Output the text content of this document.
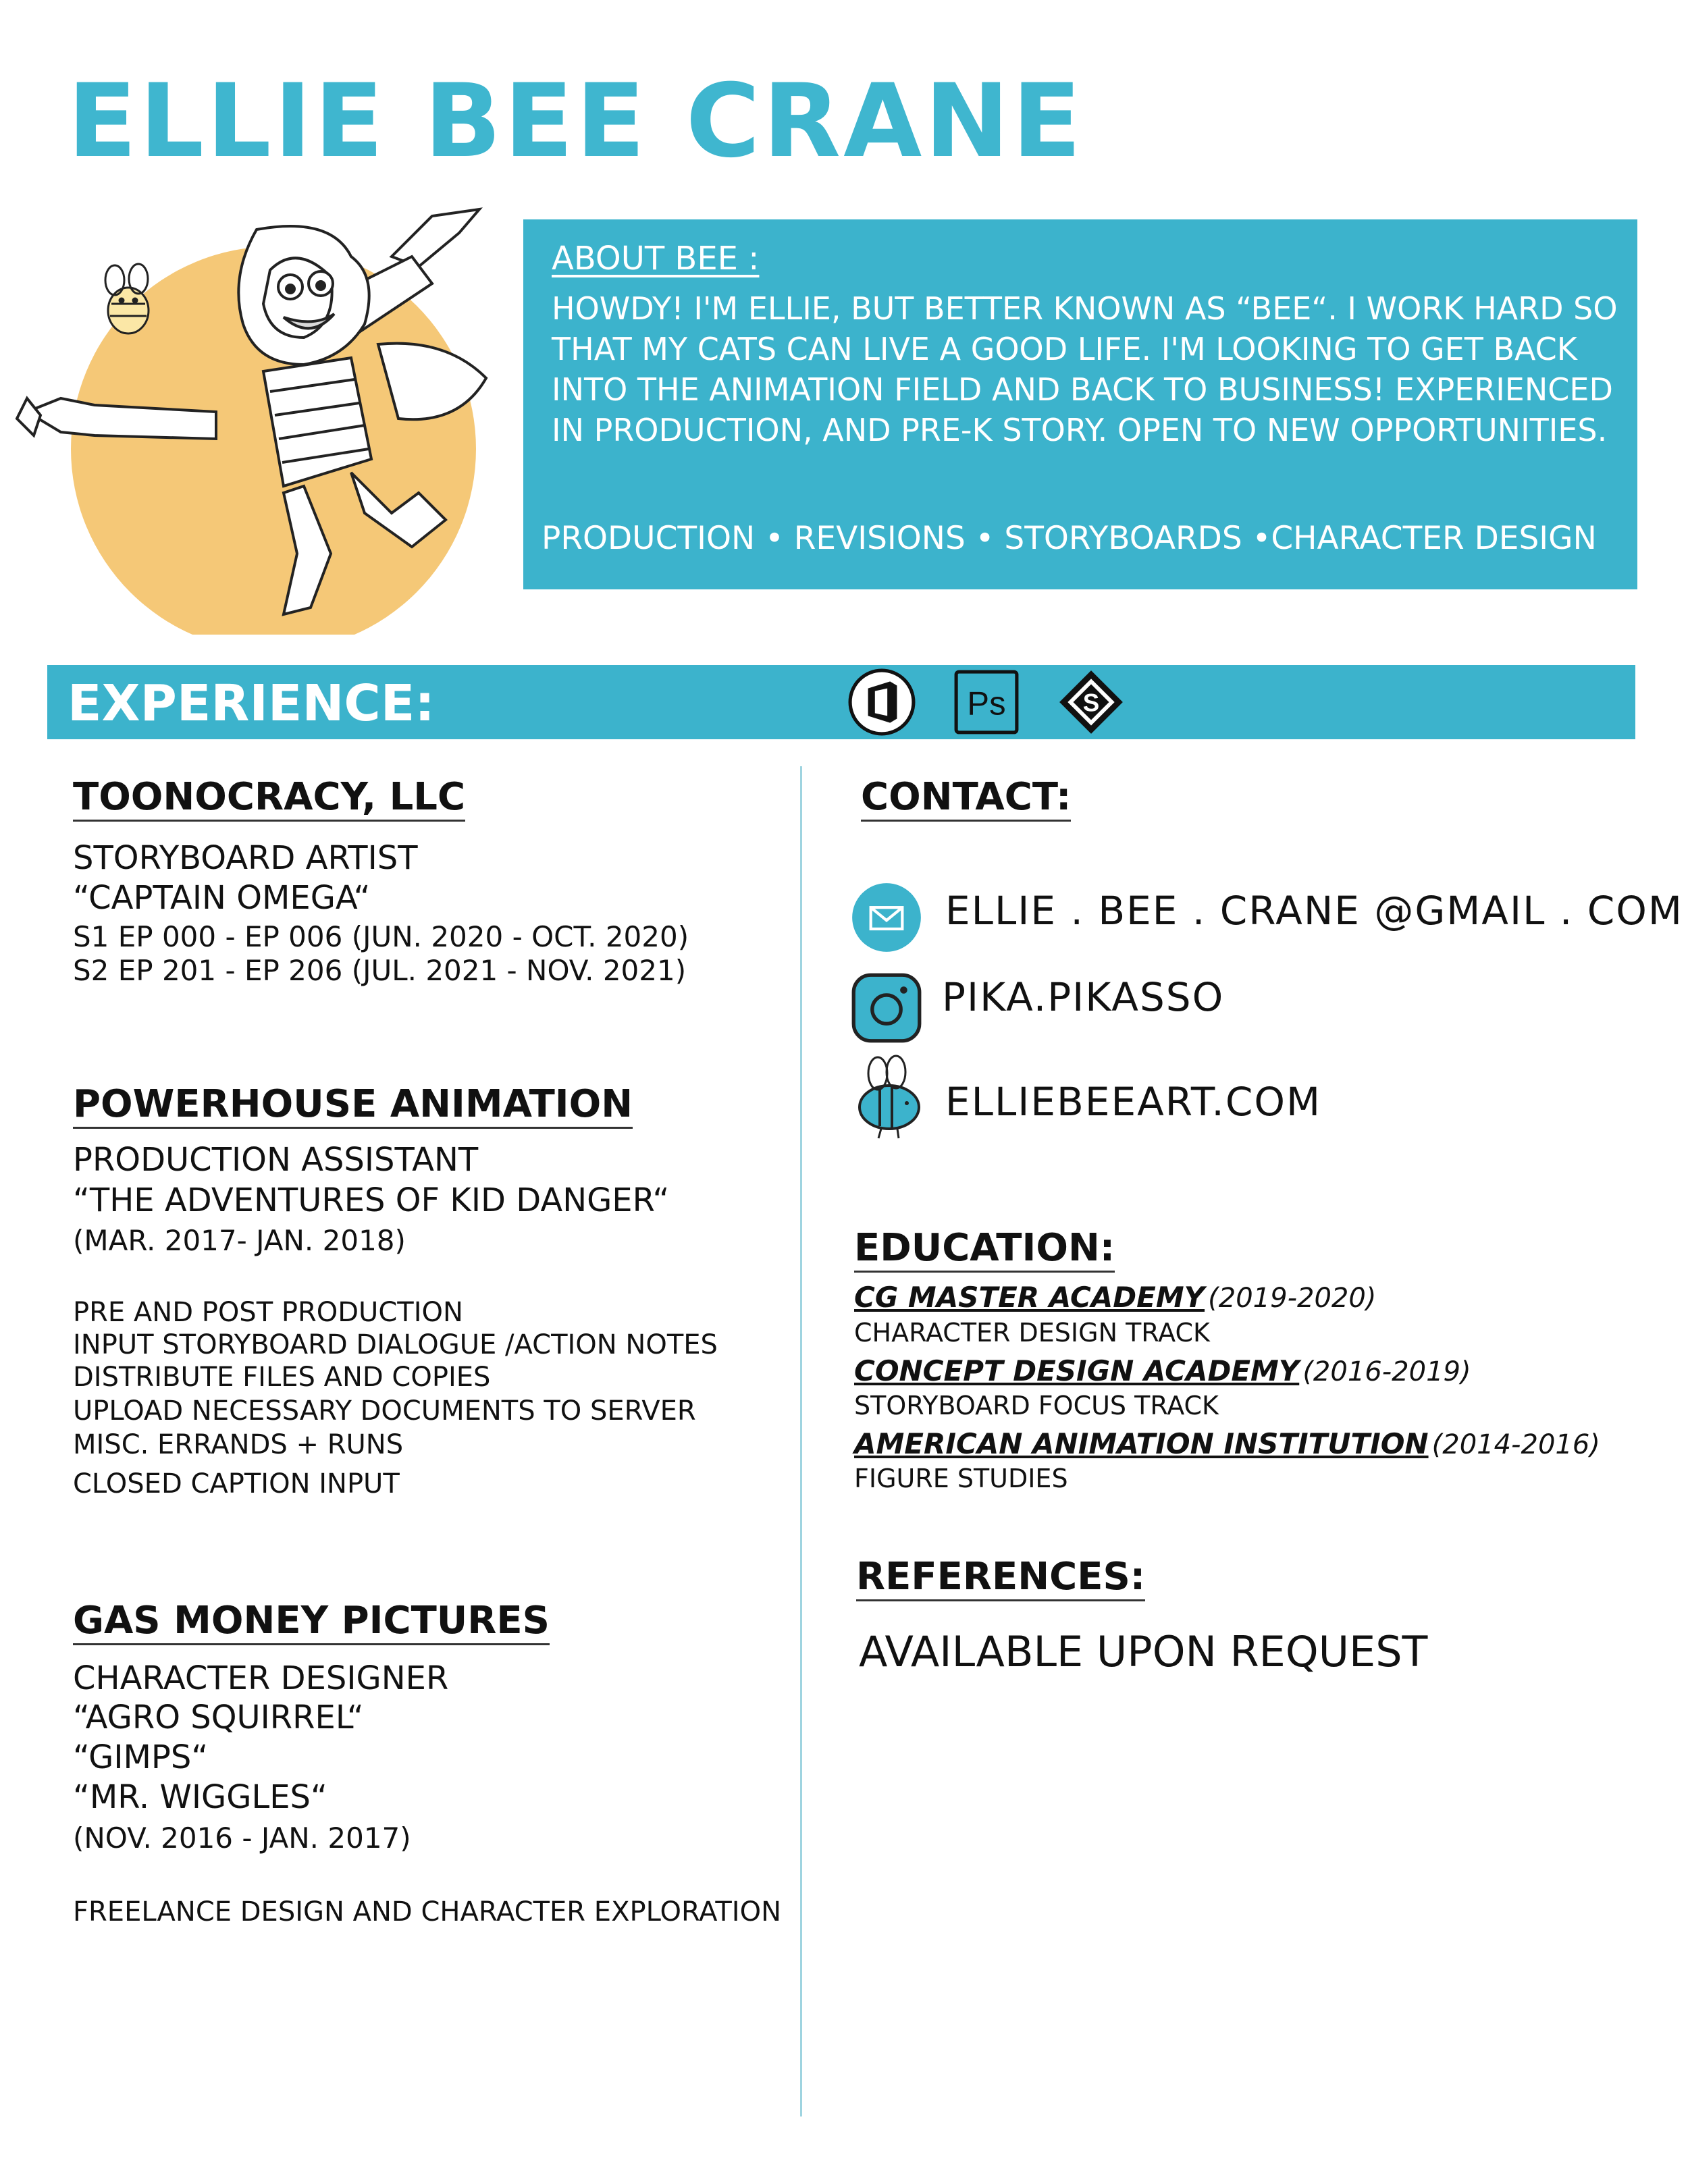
ELLIE BEE CRANE
ABOUT BEE :
HOWDY! I'M ELLIE, BUT BETTER KNOWN AS “BEE“. I WORK HARD SO THAT MY CATS CAN LIVE A GOOD LIFE. I'M LOOKING TO GET BACK INTO THE ANIMATION FIELD AND BACK TO BUSINESS! EXPERIENCED IN PRODUCTION, AND PRE-K STORY. OPEN TO NEW OPPORTUNITIES.
PRODUCTION • REVISIONS • STORYBOARDS •CHARACTER DESIGN
EXPERIENCE:	Ps	S
TOONOCRACY, LLC
STORYBOARD ARTIST
“CAPTAIN OMEGA“
S1 EP 000 - EP 006 (JUN. 2020 - OCT. 2020)
S2 EP 201 - EP 206 (JUL. 2021 - NOV. 2021)
POWERHOUSE ANIMATION
PRODUCTION ASSISTANT
“THE ADVENTURES OF KID DANGER“
(MAR. 2017- JAN. 2018)
PRE AND POST PRODUCTION
INPUT STORYBOARD DIALOGUE /ACTION NOTES
DISTRIBUTE FILES AND COPIES
UPLOAD NECESSARY DOCUMENTS TO SERVER
MISC. ERRANDS + RUNS
CLOSED CAPTION INPUT
GAS MONEY PICTURES
CHARACTER DESIGNER
“AGRO SQUIRREL“
“GIMPS“
“MR. WIGGLES“
(NOV. 2016 - JAN. 2017)
FREELANCE DESIGN AND CHARACTER EXPLORATION
CONTACT:
ELLIE . BEE . CRANE @GMAIL . COM
PIKA.PIKASSO
ELLIEBEEART.COM
EDUCATION:
CG MASTER ACADEMY (2019-2020)
CHARACTER DESIGN TRACK
CONCEPT DESIGN ACADEMY (2016-2019)
STORYBOARD FOCUS TRACK
AMERICAN ANIMATION INSTITUTION (2014-2016)
FIGURE STUDIES
REFERENCES:
AVAILABLE UPON REQUEST
